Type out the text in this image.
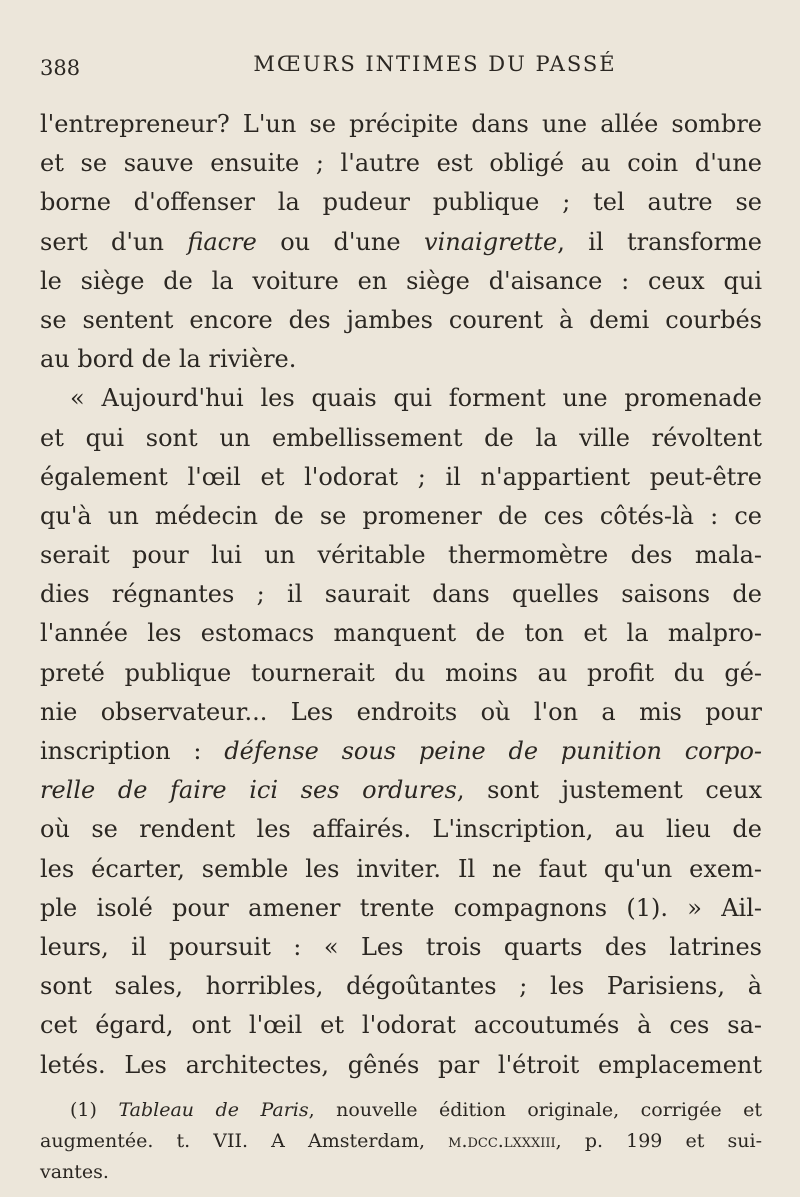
388	MŒURS INTIMES DU PASSÉ
l'entrepreneur? L'un se précipite dans une allée sombre
et se sauve ensuite ; l'autre est obligé au coin d'une
borne d'offenser la pudeur publique ; tel autre se
sert d'un fiacre ou d'une vinaigrette, il transforme
le siège de la voiture en siège d'aisance : ceux qui
se sentent encore des jambes courent à demi courbés
au bord de la rivière.
« Aujourd'hui les quais qui forment une promenade
et qui sont un embellissement de la ville révoltent
également l'œil et l'odorat ; il n'appartient peut-être
qu'à un médecin de se promener de ces côtés-là : ce
serait pour lui un véritable thermomètre des mala-
dies régnantes ; il saurait dans quelles saisons de
l'année les estomacs manquent de ton et la malpro-
preté publique tournerait du moins au profit du gé-
nie observateur... Les endroits où l'on a mis pour
inscription : défense sous peine de punition corpo-
relle de faire ici ses ordures, sont justement ceux
où se rendent les affairés. L'inscription, au lieu de
les écarter, semble les inviter. Il ne faut qu'un exem-
ple isolé pour amener trente compagnons (1). » Ail-
leurs, il poursuit : « Les trois quarts des latrines
sont sales, horribles, dégoûtantes ; les Parisiens, à
cet égard, ont l'œil et l'odorat accoutumés à ces sa-
letés. Les architectes, gênés par l'étroit emplacement
(1) Tableau de Paris, nouvelle édition originale, corrigée et
augmentée. t. VII. A Amsterdam, m.dcc.lxxxiii, p. 199 et sui-
vantes.
